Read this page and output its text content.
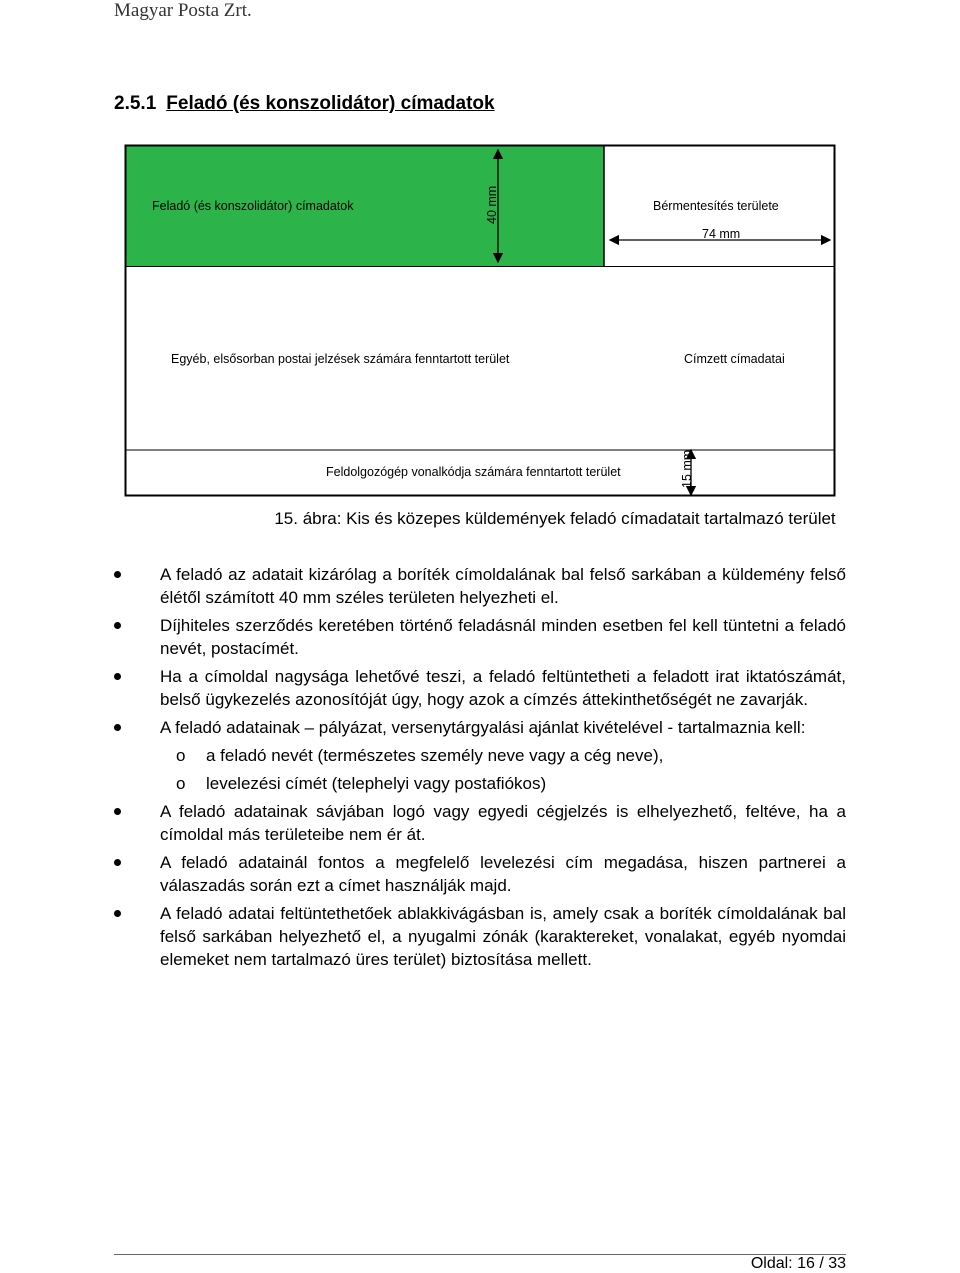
Magyar Posta Zrt.
2.5.1 Feladó (és konszolidátor) címadatok
40 mm
74 mm
15 mm
Feladó (és konszolidátor) címadatok	Bérmentesítés területe
Egyéb, elsősorban postai jelzések számára fenntartott terület	Címzett címadatai
Feldolgozógép vonalkódja számára fenntartott terület
15. ábra: Kis és közepes küldemények feladó címadatait tartalmazó terület
A feladó az adatait kizárólag a boríték címoldalának bal felső sarkában a küldemény felső élétől számított 40 mm széles területen helyezheti el.
Díjhiteles szerződés keretében történő feladásnál minden esetben fel kell tüntetni a feladó nevét, postacímét.
Ha a címoldal nagysága lehetővé teszi, a feladó feltüntetheti a feladott irat iktatószámát, belső ügykezelés azonosítóját úgy, hogy azok a címzés áttekinthetőségét ne zavarják.
A feladó adatainak – pályázat, versenytárgyalási ajánlat kivételével - tartalmaznia kell:
o a feladó nevét (természetes személy neve vagy a cég neve),
o levelezési címét (telephelyi vagy postafiókos)
A feladó adatainak sávjában logó vagy egyedi cégjelzés is elhelyezhető, feltéve, ha a címoldal más területeibe nem ér át.
A feladó adatainál fontos a megfelelő levelezési cím megadása, hiszen partnerei a válaszadás során ezt a címet használják majd.
A feladó adatai feltüntethetőek ablakkivágásban is, amely csak a boríték címoldalának bal felső sarkában helyezhető el, a nyugalmi zónák (karaktereket, vonalakat, egyéb nyomdai elemeket nem tartalmazó üres terület) biztosítása mellett.
Oldal: 16 / 33
